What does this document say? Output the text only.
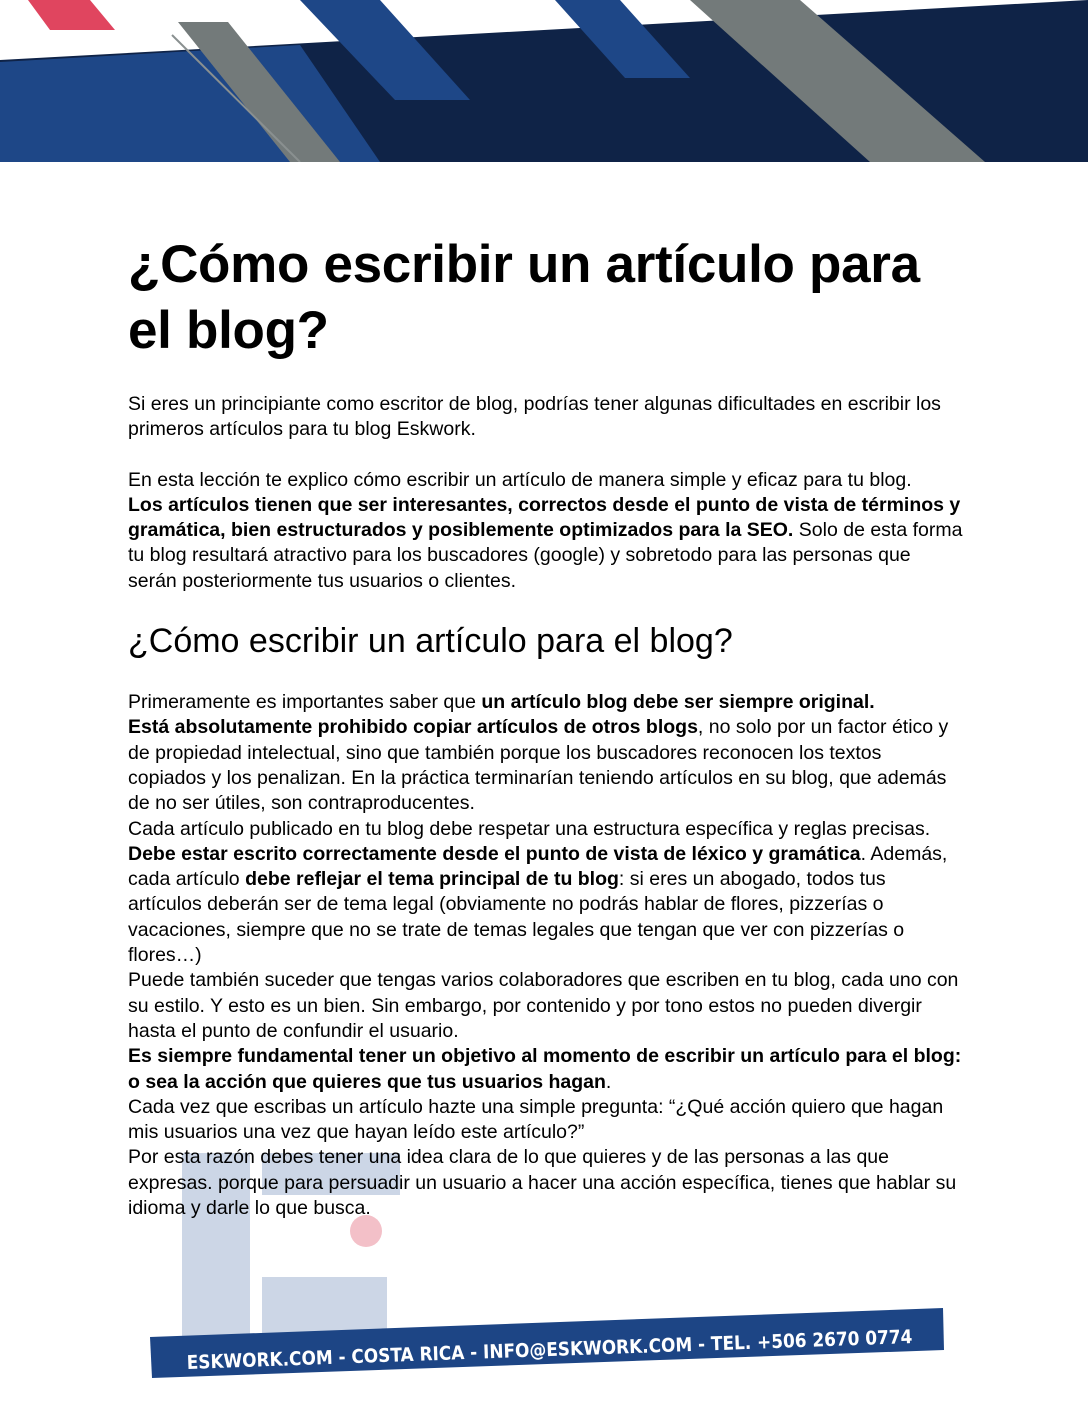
ESKWORK.COM - COSTA RICA - INFO@ESKWORK.COM - TEL. +506 2670 0774
¿Cómo escribir un artículo para el blog?

Si eres un principiante como escritor de blog, podrías tener algunas dificultades en escribir los primeros artículos para tu blog Eskwork.

En esta lección te explico cómo escribir un artículo de manera simple y eficaz para tu blog.
Los artículos tienen que ser interesantes, correctos desde el punto de vista de términos y gramática, bien estructurados y posiblemente optimizados para la SEO. Solo de esta forma tu blog resultará atractivo para los buscadores (google) y sobretodo para las personas que serán posteriormente tus usuarios o clientes.

¿Cómo escribir un artículo para el blog?

Primeramente es importantes saber que un artículo blog debe ser siempre original.
Está absolutamente prohibido copiar artículos de otros blogs, no solo por un factor ético y de propiedad intelectual, sino que también porque los buscadores reconocen los textos copiados y los penalizan. En la práctica terminarían teniendo artículos en su blog, que además de no ser útiles, son contraproducentes.

Cada artículo publicado en tu blog debe respetar una estructura específica y reglas precisas. Debe estar escrito correctamente desde el punto de vista de léxico y gramática. Además, cada artículo debe reflejar el tema principal de tu blog: si eres un abogado, todos tus artículos deberán ser de tema legal (obviamente no podrás hablar de flores, pizzerías o vacaciones, siempre que no se trate de temas legales que tengan que ver con pizzerías o flores…)

Puede también suceder que tengas varios colaboradores que escriben en tu blog, cada uno con su estilo. Y esto es un bien. Sin embargo, por contenido y por tono estos no pueden divergir hasta el punto de confundir el usuario.

Es siempre fundamental tener un objetivo al momento de escribir un artículo para el blog: o sea la acción que quieres que tus usuarios hagan.

Cada vez que escribas un artículo hazte una simple pregunta: “¿Qué acción quiero que hagan mis usuarios una vez que hayan leído este artículo?”

Por esta razón debes tener una idea clara de lo que quieres y de las personas a las que expresas. porque para persuadir un usuario a hacer una acción específica, tienes que hablar su idioma y darle lo que busca.
